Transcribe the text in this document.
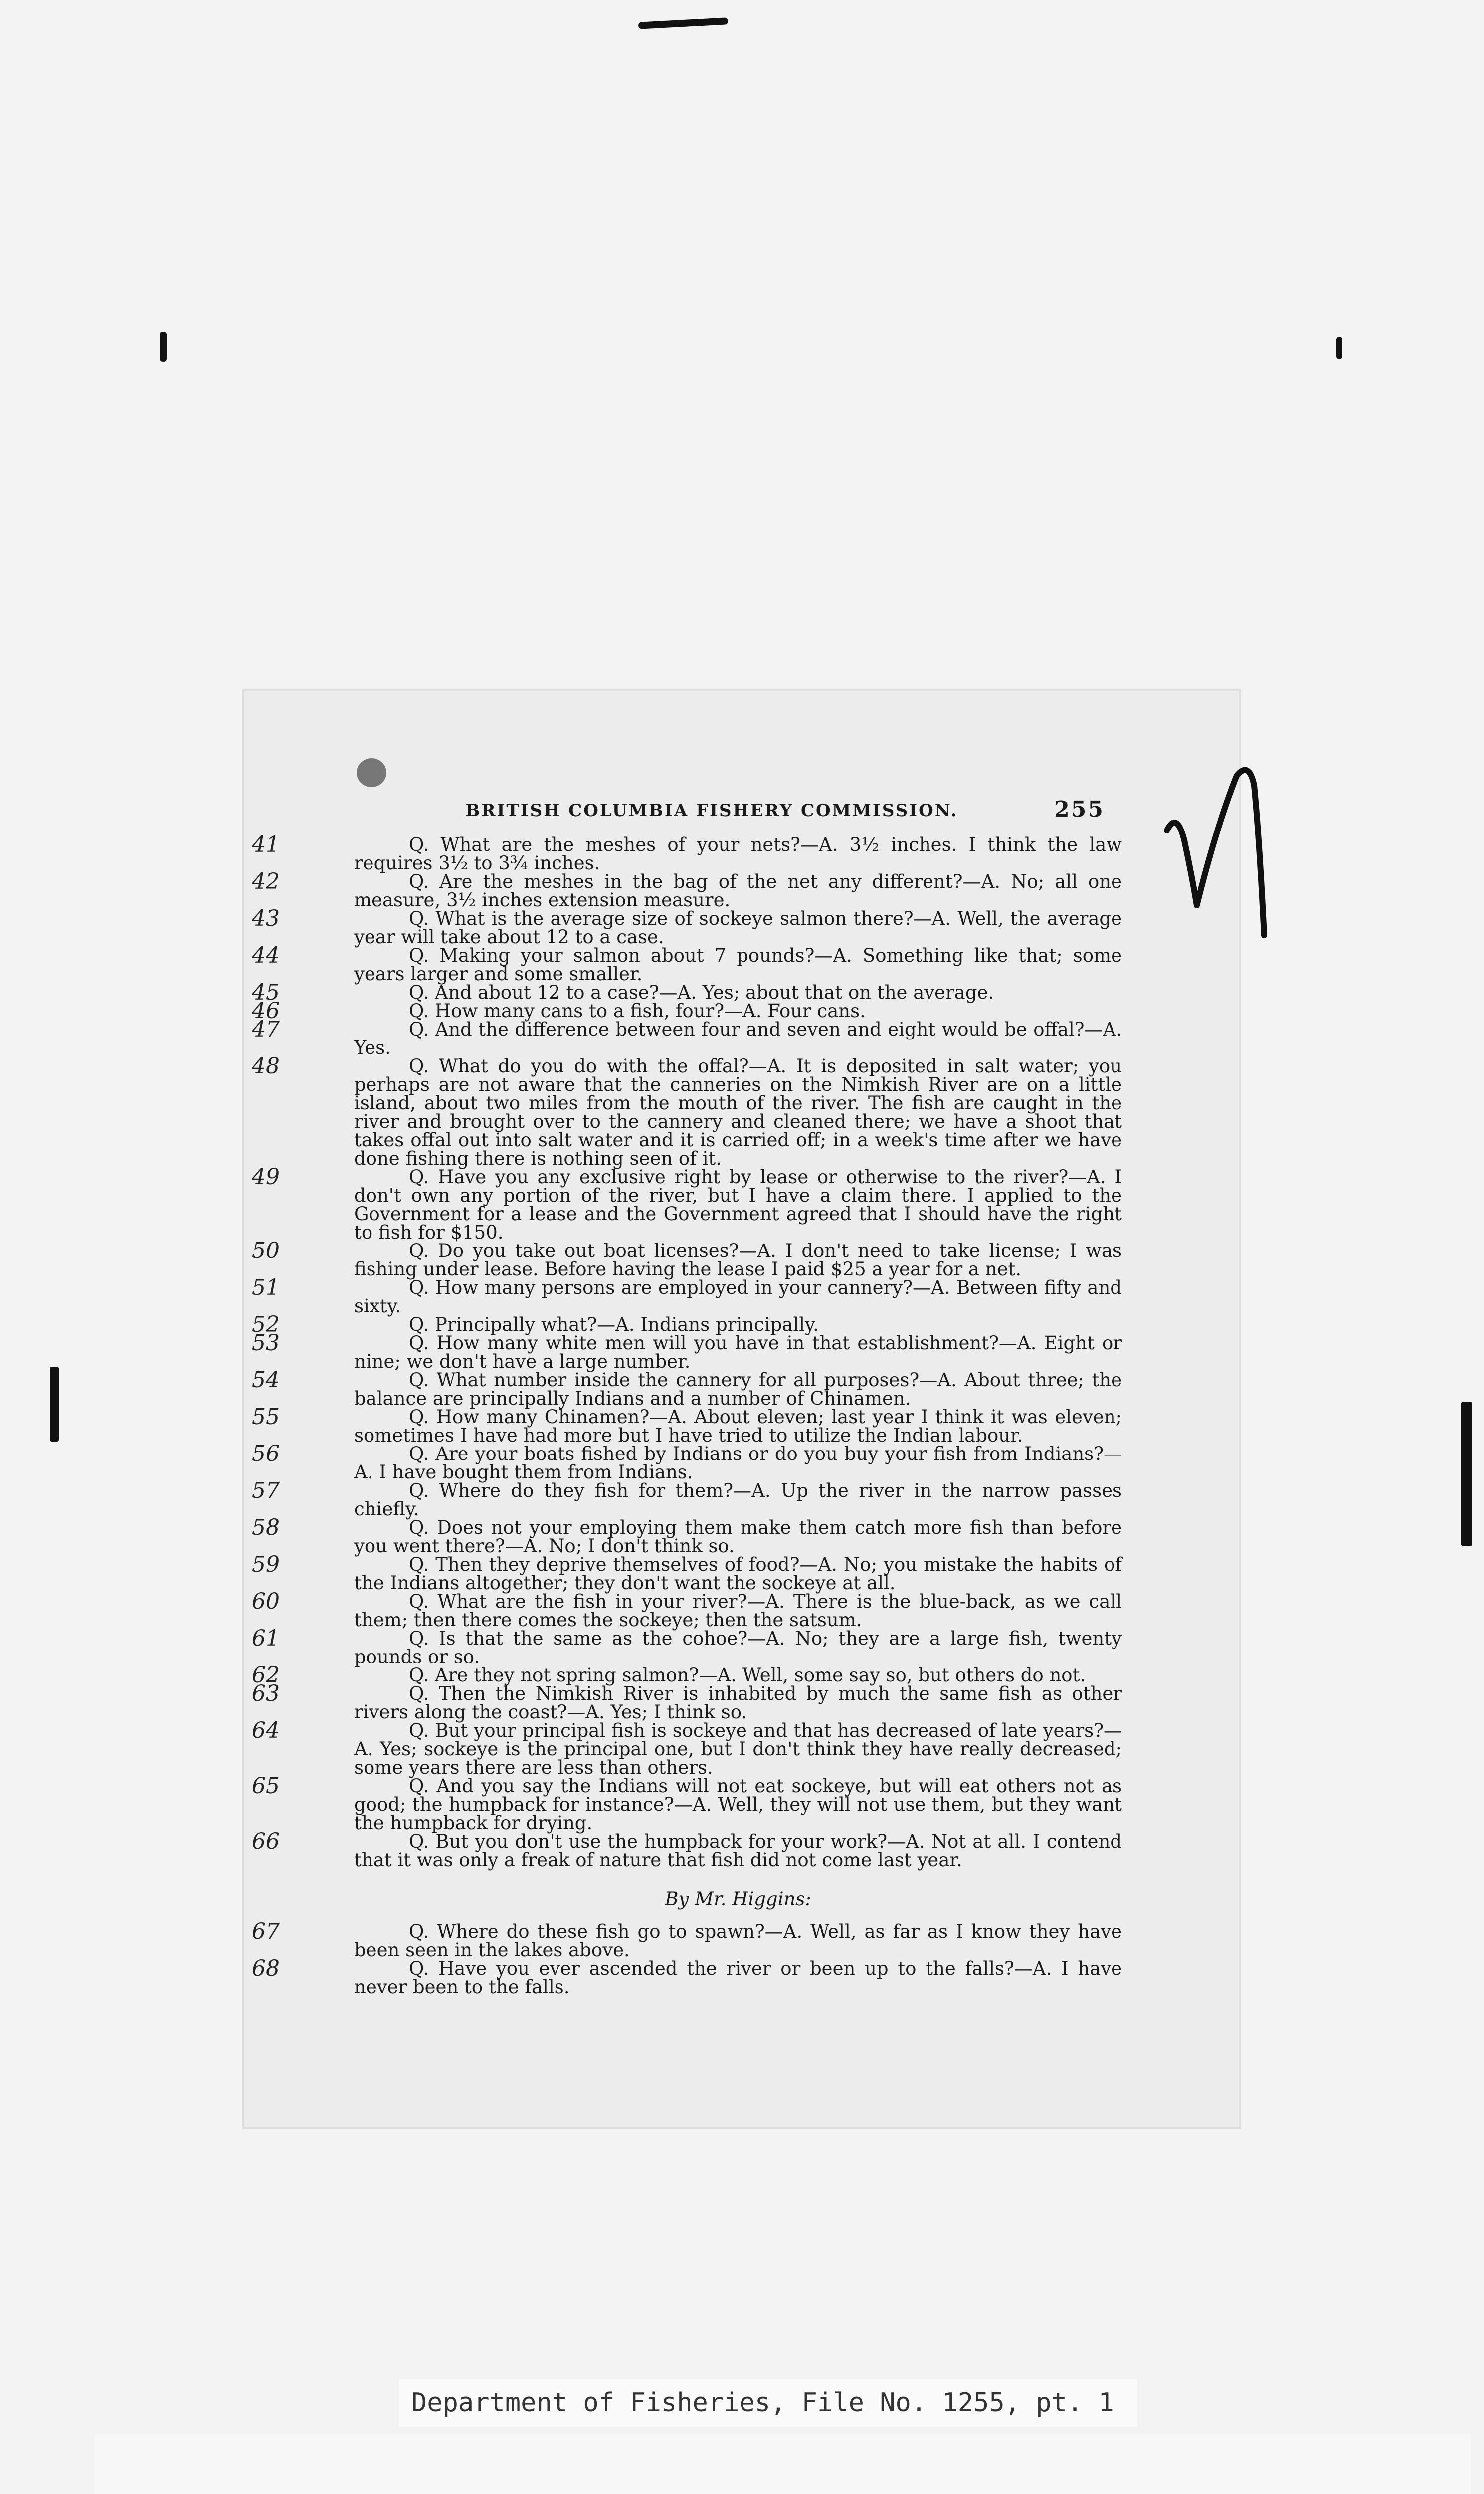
BRITISH COLUMBIA FISHERY COMMISSION.	255

41	Q. What are the meshes of your nets?—A. 3½ inches. I think the law requires 3½ to 3¾ inches.

42	Q. Are the meshes in the bag of the net any different?—A. No; all one measure, 3½ inches extension measure.

43	Q. What is the average size of sockeye salmon there?—A. Well, the average year will take about 12 to a case.

44	Q. Making your salmon about 7 pounds?—A. Something like that; some years larger and some smaller.

45	Q. And about 12 to a case?—A. Yes; about that on the average.

46	Q. How many cans to a fish, four?—A. Four cans.

47	Q. And the difference between four and seven and eight would be offal?—A. Yes.

48	Q. What do you do with the offal?—A. It is deposited in salt water; you perhaps are not aware that the canneries on the Nimkish River are on a little island, about two miles from the mouth of the river. The fish are caught in the river and brought over to the cannery and cleaned there; we have a shoot that takes offal out into salt water and it is carried off; in a week's time after we have done fishing there is nothing seen of it.

49	Q. Have you any exclusive right by lease or otherwise to the river?—A. I don't own any portion of the river, but I have a claim there. I applied to the Government for a lease and the Government agreed that I should have the right to fish for $150.

50	Q. Do you take out boat licenses?—A. I don't need to take license; I was fishing under lease. Before having the lease I paid $25 a year for a net.

51	Q. How many persons are employed in your cannery?—A. Between fifty and sixty.

52	Q. Principally what?—A. Indians principally.

53	Q. How many white men will you have in that establishment?—A. Eight or nine; we don't have a large number.

54	Q. What number inside the cannery for all purposes?—A. About three; the balance are principally Indians and a number of Chinamen.

55	Q. How many Chinamen?—A. About eleven; last year I think it was eleven; sometimes I have had more but I have tried to utilize the Indian labour.

56	Q. Are your boats fished by Indians or do you buy your fish from Indians?—A. I have bought them from Indians.

57	Q. Where do they fish for them?—A. Up the river in the narrow passes chiefly.

58	Q. Does not your employing them make them catch more fish than before you went there?—A. No; I don't think so.

59	Q. Then they deprive themselves of food?—A. No; you mistake the habits of the Indians altogether; they don't want the sockeye at all.

60	Q. What are the fish in your river?—A. There is the blue-back, as we call them; then there comes the sockeye; then the satsum.

61	Q. Is that the same as the cohoe?—A. No; they are a large fish, twenty pounds or so.

62	Q. Are they not spring salmon?—A. Well, some say so, but others do not.

63	Q. Then the Nimkish River is inhabited by much the same fish as other rivers along the coast?—A. Yes; I think so.

64	Q. But your principal fish is sockeye and that has decreased of late years?—A. Yes; sockeye is the principal one, but I don't think they have really decreased; some years there are less than others.

65	Q. And you say the Indians will not eat sockeye, but will eat others not as good; the humpback for instance?—A. Well, they will not use them, but they want the humpback for drying.

66	Q. But you don't use the humpback for your work?—A. Not at all. I contend that it was only a freak of nature that fish did not come last year.

By Mr. Higgins:

67	Q. Where do these fish go to spawn?—A. Well, as far as I know they have been seen in the lakes above.

68	Q. Have you ever ascended the river or been up to the falls?—A. I have never been to the falls.

Department of Fisheries, File No. 1255, pt. 1
